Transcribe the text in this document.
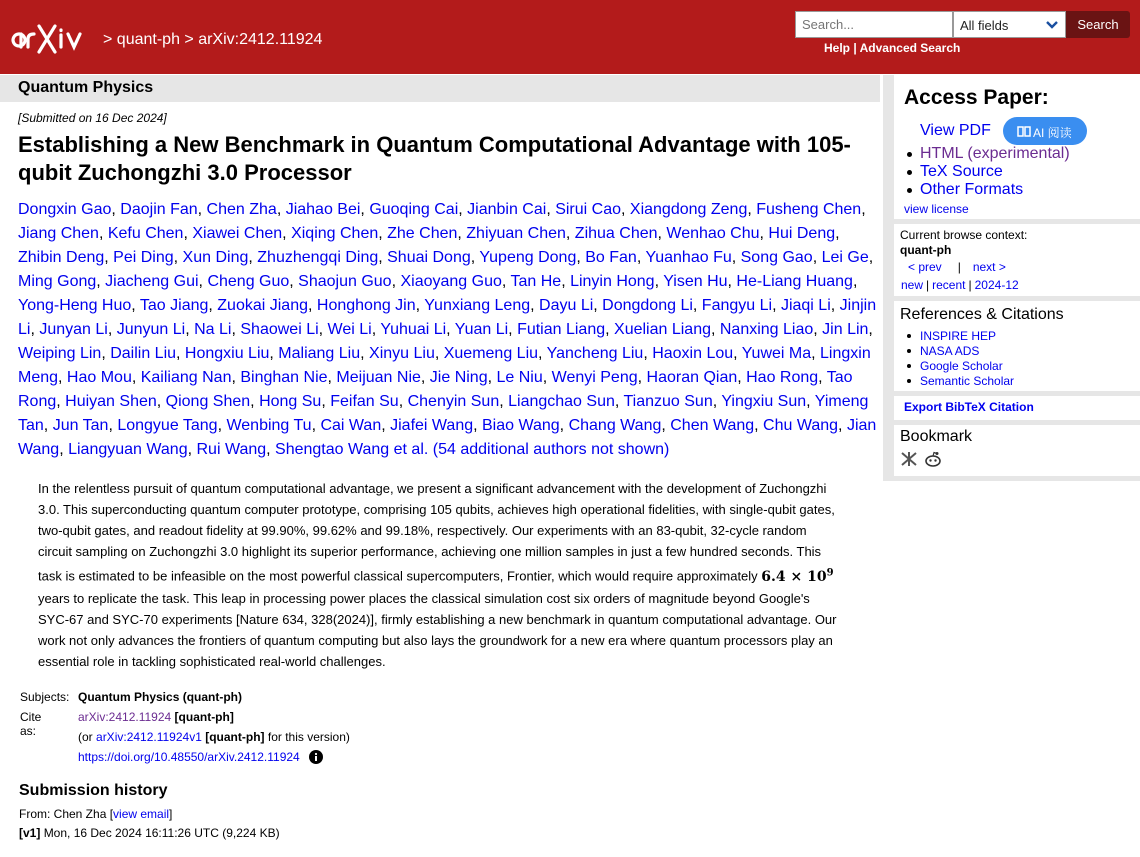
> quant-ph > arXiv:2412.11924
Search...
All fields	Search
Help | Advanced Search
Quantum Physics
[Submitted on 16 Dec 2024]
Establishing a New Benchmark in Quantum Computational Advantage with 105-qubit Zuchongzhi 3.0 Processor
Dongxin Gao, Daojin Fan, Chen Zha, Jiahao Bei, Guoqing Cai, Jianbin Cai, Sirui Cao, Xiangdong Zeng, Fusheng Chen, Jiang Chen, Kefu Chen, Xiawei Chen, Xiqing Chen, Zhe Chen, Zhiyuan Chen, Zihua Chen, Wenhao Chu, Hui Deng, Zhibin Deng, Pei Ding, Xun Ding, Zhuzhengqi Ding, Shuai Dong, Yupeng Dong, Bo Fan, Yuanhao Fu, Song Gao, Lei Ge, Ming Gong, Jiacheng Gui, Cheng Guo, Shaojun Guo, Xiaoyang Guo, Tan He, Linyin Hong, Yisen Hu, He-Liang Huang, Yong-Heng Huo, Tao Jiang, Zuokai Jiang, Honghong Jin, Yunxiang Leng, Dayu Li, Dongdong Li, Fangyu Li, Jiaqi Li, Jinjin Li, Junyan Li, Junyun Li, Na Li, Shaowei Li, Wei Li, Yuhuai Li, Yuan Li, Futian Liang, Xuelian Liang, Nanxing Liao, Jin Lin, Weiping Lin, Dailin Liu, Hongxiu Liu, Maliang Liu, Xinyu Liu, Xuemeng Liu, Yancheng Liu, Haoxin Lou, Yuwei Ma, Lingxin Meng, Hao Mou, Kailiang Nan, Binghan Nie, Meijuan Nie, Jie Ning, Le Niu, Wenyi Peng, Haoran Qian, Hao Rong, Tao Rong, Huiyan Shen, Qiong Shen, Hong Su, Feifan Su, Chenyin Sun, Liangchao Sun, Tianzuo Sun, Yingxiu Sun, Yimeng Tan, Jun Tan, Longyue Tang, Wenbing Tu, Cai Wan, Jiafei Wang, Biao Wang, Chang Wang, Chen Wang, Chu Wang, Jian Wang, Liangyuan Wang, Rui Wang, Shengtao Wang et al. (54 additional authors not shown)
In the relentless pursuit of quantum computational advantage, we present a significant advancement with the development of Zuchongzhi 3.0. This superconducting quantum computer prototype, comprising 105 qubits, achieves high operational fidelities, with single-qubit gates, two-qubit gates, and readout fidelity at 99.90%, 99.62% and 99.18%, respectively. Our experiments with an 83-qubit, 32-cycle random circuit sampling on Zuchongzhi 3.0 highlight its superior performance, achieving one million samples in just a few hundred seconds. This task is estimated to be infeasible on the most powerful classical supercomputers, Frontier, which would require approximately $6.4 \times 10^9$ years to replicate the task. This leap in processing power places the classical simulation cost six orders of magnitude beyond Google's SYC-67 and SYC-70 experiments [Nature 634, 328(2024)], firmly establishing a new benchmark in quantum computational advantage. Our work not only advances the frontiers of quantum computing but also lays the groundwork for a new era where quantum processors play an essential role in tackling sophisticated real-world challenges.
Subjects: Quantum Physics (quant-ph)
Cite as:
arXiv:2412.11924 [quant-ph]
(or arXiv:2412.11924v1 [quant-ph] for this version)
https://doi.org/10.48550/arXiv.2412.11924
Submission history
From: Chen Zha [view email]
[v1] Mon, 16 Dec 2024 16:11:26 UTC (9,224 KB)
Access Paper:
View PDF	AI 阅读
HTML (experimental)
TeX Source
Other Formats
view license
Current browse context:
quant-ph
< prev | next >
new | recent | 2024-12
References & Citations
INSPIRE HEP
NASA ADS
Google Scholar
Semantic Scholar
Export BibTeX Citation
Bookmark
